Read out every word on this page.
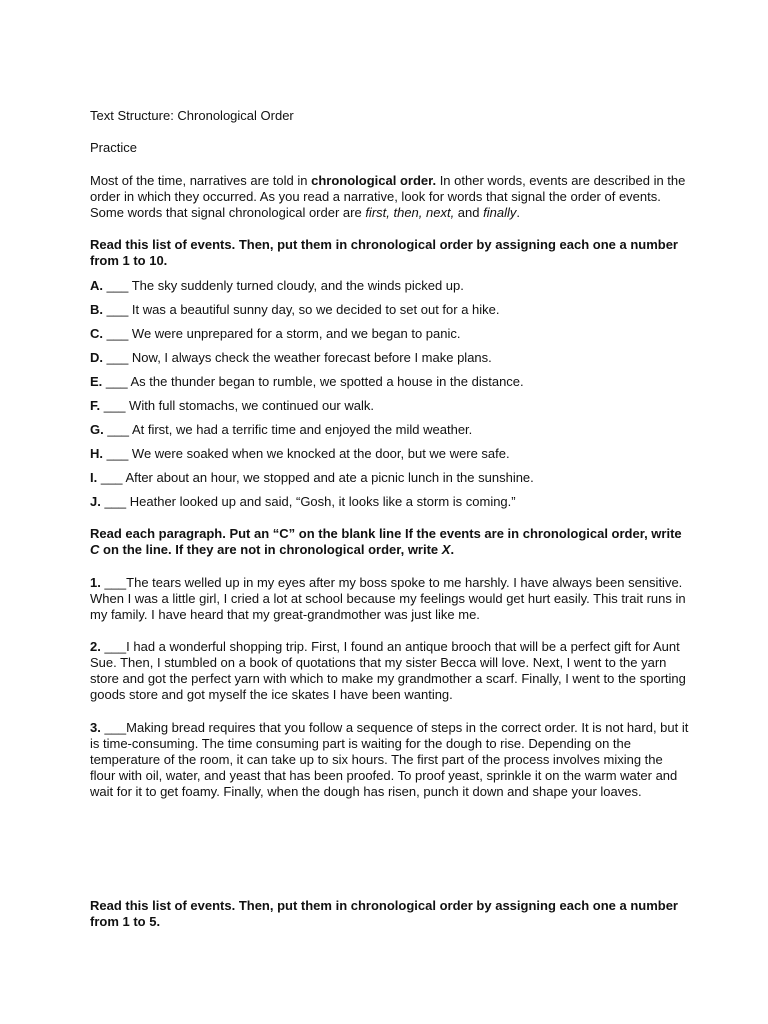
Text Structure: Chronological Order

Practice

Most of the time, narratives are told in chronological order. In other words, events are described in the order in which they occurred. As you read a narrative, look for words that signal the order of events. Some words that signal chronological order are first, then, next, and finally.

Read this list of events. Then, put them in chronological order by assigning each one a number from 1 to 10.

A. ___ The sky suddenly turned cloudy, and the winds picked up.
B. ___ It was a beautiful sunny day, so we decided to set out for a hike.
C. ___ We were unprepared for a storm, and we began to panic.
D. ___ Now, I always check the weather forecast before I make plans.
E. ___ As the thunder began to rumble, we spotted a house in the distance.
F. ___ With full stomachs, we continued our walk.
G. ___ At first, we had a terrific time and enjoyed the mild weather.
H. ___ We were soaked when we knocked at the door, but we were safe.
I. ___ After about an hour, we stopped and ate a picnic lunch in the sunshine.
J. ___ Heather looked up and said, “Gosh, it looks like a storm is coming.”

Read each paragraph. Put an “C” on the blank line If the events are in chronological order, write C on the line. If they are not in chronological order, write X.

1. ___The tears welled up in my eyes after my boss spoke to me harshly. I have always been sensitive. When I was a little girl, I cried a lot at school because my feelings would get hurt easily. This trait runs in my family. I have heard that my great-grandmother was just like me.

2. ___I had a wonderful shopping trip. First, I found an antique brooch that will be a perfect gift for Aunt Sue. Then, I stumbled on a book of quotations that my sister Becca will love. Next, I went to the yarn store and got the perfect yarn with which to make my grandmother a scarf. Finally, I went to the sporting goods store and got myself the ice skates I have been wanting.

3. ___Making bread requires that you follow a sequence of steps in the correct order. It is not hard, but it is time-consuming. The time consuming part is waiting for the dough to rise. Depending on the temperature of the room, it can take up to six hours. The first part of the process involves mixing the flour with oil, water, and yeast that has been proofed. To proof yeast, sprinkle it on the warm water and wait for it to get foamy. Finally, when the dough has risen, punch it down and shape your loaves.

Read this list of events. Then, put them in chronological order by assigning each one a number from 1 to 5.
